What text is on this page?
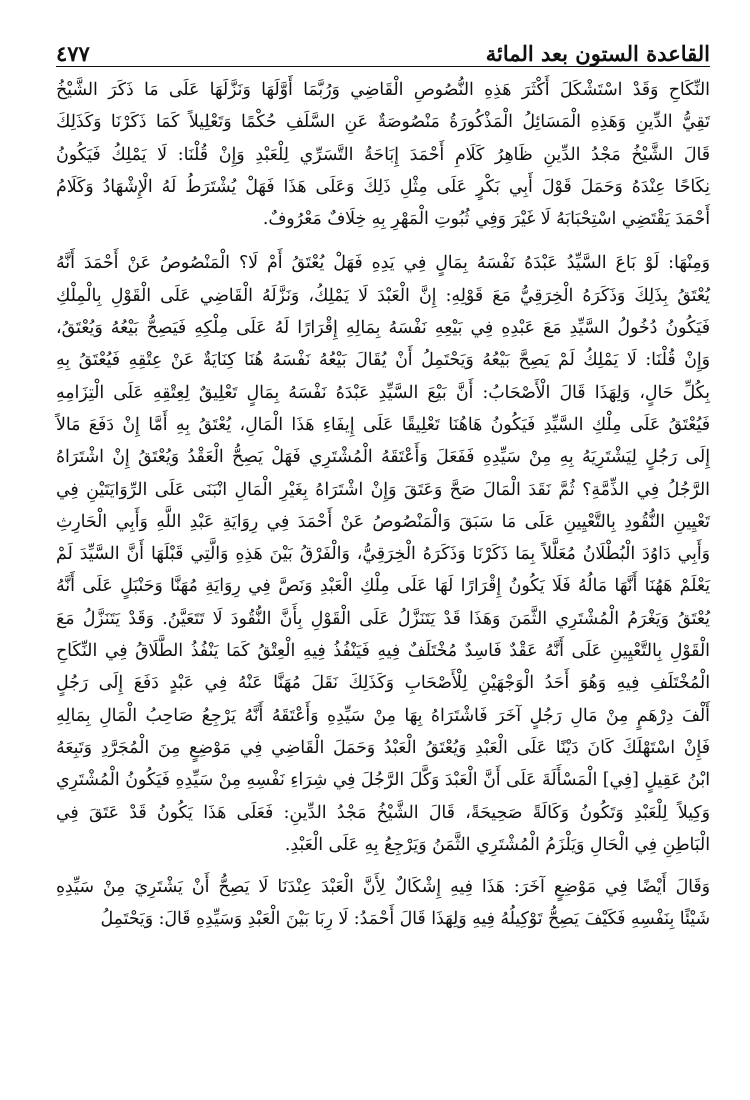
القاعدة الستون بعد المائة
٤٧٧
النِّكَاحِ وَقَدْ اسْتَشْكَلَ أَكْثَرَ هَذِهِ النُّصُوصِ الْقَاضِي وَرُبَّمَا أَوَّلَهَا وَنَزَّلَهَا عَلَى مَا ذَكَرَ الشَّيْخُ
تَقِيُّ الدِّينِ وَهَذِهِ الْمَسَائِلُ الْمَذْكُورَةُ مَنْصُوصَةٌ عَنِ السَّلَفِ حُكْمًا وَتَعْلِيلاً كَمَا ذَكَرْنَا وَكَذَلِكَ
قَالَ الشَّيْخُ مَجْدُ الدِّينِ ظَاهِرُ كَلَامِ أَحْمَدَ إِبَاحَةُ التَّسَرِّي لِلْعَبْدِ وَإِنْ قُلْنَا: لَا يَمْلِكُ فَيَكُونُ
نِكَاحًا عِنْدَهُ وَحَمَلَ قَوْلَ أَبِي بَكْرٍ عَلَى مِثْلِ ذَلِكَ وَعَلَى هَذَا فَهَلْ يُشْتَرَطُ لَهُ الْإِشْهَادُ وَكَلَامُ
أَحْمَدَ يَقْتَضِي اسْتِحْبَابَهُ لَا غَيْرَ وَفِي ثُبُوتِ الْمَهْرِ بِهِ خِلَافٌ مَعْرُوفٌ.
وَمِنْهَا: لَوْ بَاعَ السَّيِّدُ عَبْدَهُ نَفْسَهُ بِمَالٍ فِي يَدِهِ فَهَلْ يُعْتَقُ أَمْ لَا؟ الْمَنْصُوصُ عَنْ أَحْمَدَ أَنَّهُ
يُعْتَقُ بِذَلِكَ وَذَكَرَهُ الْخِرَقِيُّ مَعَ قَوْلِهِ: إِنَّ الْعَبْدَ لَا يَمْلِكُ، وَنَزَّلَهُ الْقَاضِي عَلَى الْقَوْلِ بِالْمِلْكِ
فَيَكُونُ دُخُولُ السَّيِّدِ مَعَ عَبْدِهِ فِي بَيْعِهِ نَفْسَهُ بِمَالِهِ إِقْرَارًا لَهُ عَلَى مِلْكِهِ فَيَصِحُّ بَيْعُهُ وَيُعْتَقُ،
وَإِنْ قُلْنَا: لَا يَمْلِكُ لَمْ يَصِحَّ بَيْعُهُ وَيَحْتَمِلُ أَنْ يُقَالَ بَيْعُهُ نَفْسَهُ هُنَا كِنَايَةٌ عَنْ عِتْقِهِ فَيُعْتَقُ بِهِ
بِكُلِّ حَالٍ، وَلِهَذَا قَالَ الْأَصْحَابُ: أَنَّ بَيْعَ السَّيِّدِ عَبْدَهُ نَفْسَهُ بِمَالٍ تَعْلِيقٌ لِعِتْقِهِ عَلَى الْتِزَامِهِ
فَيُعْتَقُ عَلَى مِلْكِ السَّيِّدِ فَيَكُونُ هَاهُنَا تَعْلِيقًا عَلَى إِيفَاءِ هَذَا الْمَالِ، يُعْتَقُ بِهِ أَمَّا إِنْ دَفَعَ مَالاً
إِلَى رَجُلٍ لِيَشْتَرِيَهُ بِهِ مِنْ سَيِّدِهِ فَفَعَلَ وَأَعْتَقَهُ الْمُشْتَرِي فَهَلْ يَصِحُّ الْعَقْدُ وَيُعْتَقُ إِنْ اشْتَرَاهُ
الرَّجُلُ فِي الذِّمَّةِ؟ ثُمَّ نَقَدَ الْمَالَ صَحَّ وَعَتَقَ وَإِنْ اشْتَرَاهُ بِغَيْرِ الْمَالِ انْبَنَى عَلَى الرِّوَايَتَيْنِ فِي
تَعْيِينِ النُّقُودِ بِالتَّعْيِينِ عَلَى مَا سَبَقَ وَالْمَنْصُوصُ عَنْ أَحْمَدَ فِي رِوَايَةِ عَبْدِ اللَّهِ وَأَبِي الْحَارِثِ
وَأَبِي دَاوُدَ الْبُطْلَانُ مُعَلَّلاً بِمَا ذَكَرْنَا وَذَكَرَهُ الْخِرَقِيُّ، وَالْفَرْقُ بَيْنَ هَذِهِ وَالَّتِي قَبْلَهَا أَنَّ السَّيِّدَ لَمْ
يَعْلَمْ هَهُنَا أَنَّهَا مَالُهُ فَلَا يَكُونُ إِقْرَارًا لَهَا عَلَى مِلْكِ الْعَبْدِ وَنَصَّ فِي رِوَايَةِ مُهَنَّا وَحَنْبَلٍ عَلَى أَنَّهُ
يُعْتَقُ وَيَغْرَمُ الْمُشْتَرِي الثَّمَنَ وَهَذَا قَدْ يَتَنَزَّلُ عَلَى الْقَوْلِ بِأَنَّ النُّقُودَ لَا تَتَعَيَّنُ. وَقَدْ يَتَنَزَّلُ مَعَ
الْقَوْلِ بِالتَّعْيِينِ عَلَى أَنَّهُ عَقْدٌ فَاسِدٌ مُخْتَلَفٌ فِيهِ فَيَنْفُذُ فِيهِ الْعِتْقُ كَمَا يَنْفُذُ الطَّلَاقُ فِي النِّكَاحِ
الْمُخْتَلَفِ فِيهِ وَهُوَ أَحَدُ الْوَجْهَيْنِ لِلْأَصْحَابِ وَكَذَلِكَ نَقَلَ مُهَنَّا عَنْهُ فِي عَبْدٍ دَفَعَ إِلَى رَجُلٍ
أَلْفَ دِرْهَمٍ مِنْ مَالِ رَجُلٍ آخَرَ فَاشْتَرَاهُ بِهَا مِنْ سَيِّدِهِ وَأَعْتَقَهُ أَنَّهُ يَرْجِعُ صَاحِبُ الْمَالِ بِمَالِهِ
فَإِنْ اسْتَهْلَكَ كَانَ دَيْنًا عَلَى الْعَبْدِ وَيُعْتَقُ الْعَبْدُ وَحَمَلَ الْقَاضِي فِي مَوْضِعٍ مِنَ الْمُجَرَّدِ وَتَبِعَهُ
ابْنُ عَقِيلٍ [فِي] الْمَسْأَلَةَ عَلَى أَنَّ الْعَبْدَ وَكَّلَ الرَّجُلَ فِي شِرَاءِ نَفْسِهِ مِنْ سَيِّدِهِ فَيَكُونُ الْمُشْتَرِي
وَكِيلاً لِلْعَبْدِ وَتَكُونُ وَكَالَةً صَحِيحَةً، قَالَ الشَّيْخُ مَجْدُ الدِّينِ: فَعَلَى هَذَا يَكُونُ قَدْ عَتَقَ فِي
الْبَاطِنِ فِي الْحَالِ وَيَلْزَمُ الْمُشْتَرِي الثَّمَنُ وَيَرْجِعُ بِهِ عَلَى الْعَبْدِ.
وَقَالَ أَيْضًا فِي مَوْضِعٍ آخَرَ: هَذَا فِيهِ إِشْكَالٌ لِأَنَّ الْعَبْدَ عِنْدَنَا لَا يَصِحُّ أَنْ يَشْتَرِيَ مِنْ سَيِّدِهِ
شَيْئًا بِنَفْسِهِ فَكَيْفَ يَصِحُّ تَوْكِيلُهُ فِيهِ وَلِهَذَا قَالَ أَحْمَدُ: لَا رِبَا بَيْنَ الْعَبْدِ وَسَيِّدِهِ قَالَ: وَيَحْتَمِلُ
